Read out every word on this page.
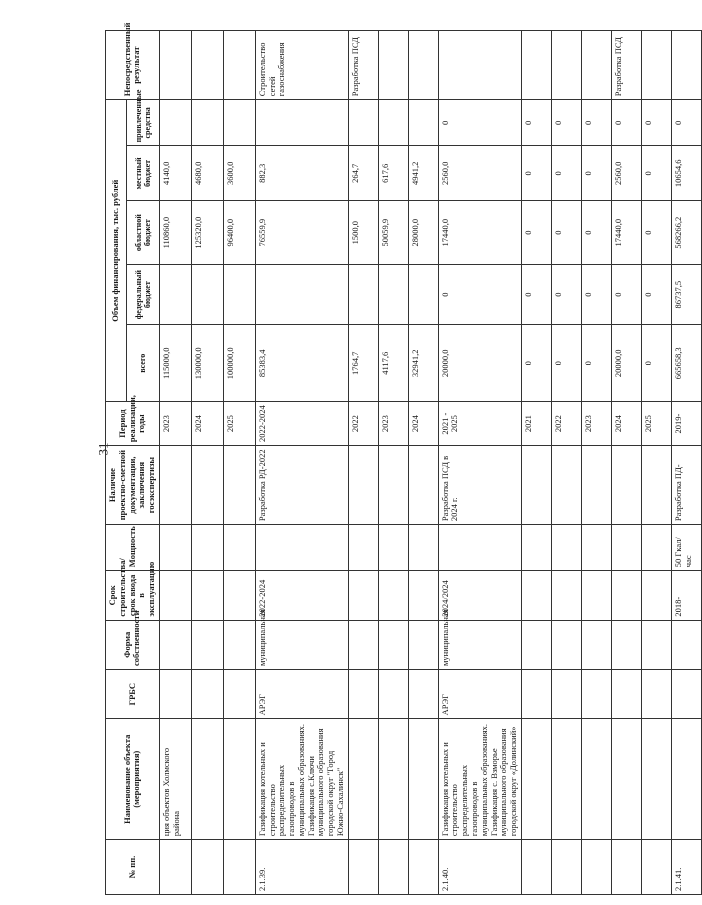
31
№ пп.	Наименование объекта (мероприятия)	ГРБС	Форма собственности	Срок строительства/срок ввода в эксплуатацию	Мощность	Наличие проектно-сметной документации, заключения госэкспертизы	Период реализации, годы	Объем финансирования, тыс. рублей					Непосредственный результат
								всего	федеральный бюджет	областной бюджет	местный бюджет	привлеченные средства	
	ция объектов Холмского района						2023	115000,0		110860,0	4140,0		
							2024	130000,0		125320,0	4680,0		
							2025	100000,0		96400,0	3600,0		
2.1.39.	Газификация котельных и строительство распределительных газопроводов в муниципальных образованиях. Газификация с.Ключи муниципального образования городской округ "Город Южно-Сахалинск"	АРЭГ	муниципальная	2022-2024		Разработка РД-2022	2022-2024	85383,4		76559,9	882,3		Строительство сетей газоснабжения
							2022	1764,7		1500,0	264,7		Разработка ПСД
							2023	4117,6		50059,9	617,6		
							2024	32941,2		28000,0	4941,2		
2.1.40.	Газификация котельных и строительство распределительных газопроводов в муниципальных образованиях. Газификация с. Взморье муниципального образования городской округ «Долинский»	АРЭГ	муниципальная	2024/2024		Разработка ПСД в 2024 г.	2021 - 2025	20000,0	0	17440,0	2560,0	0	
							2021	0	0	0	0	0	
							2022	0	0	0	0	0	
							2023	0	0	0	0	0	
							2024	20000,0	0	17440,0	2560,0	0	Разработка ПСД
							2025	0	0	0	0	0	
2.1.41.				2018-	50 Гкал/час	Разработка ПД-	2019-	665658,3	86737,5	568266,2	10654,6	0	
